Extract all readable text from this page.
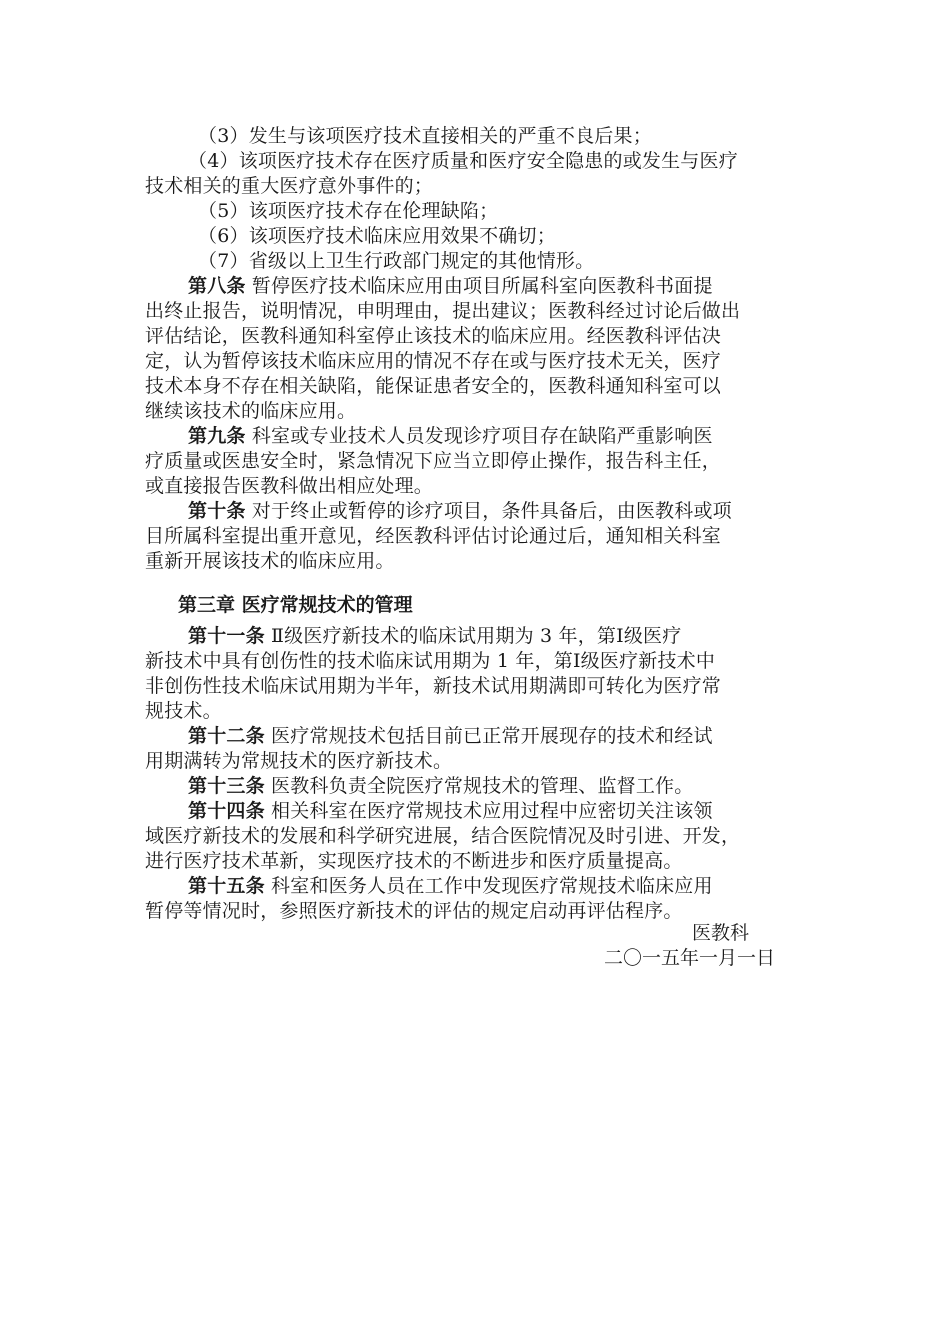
（3）发生与该项医疗技术直接相关的严重不良后果；
（4）该项医疗技术存在医疗质量和医疗安全隐患的或发生与医疗
技术相关的重大医疗意外事件的；
（5）该项医疗技术存在伦理缺陷；
（6）该项医疗技术临床应用效果不确切；
（7）省级以上卫生行政部门规定的其他情形。
第八条 暂停医疗技术临床应用由项目所属科室向医教科书面提
出终止报告，说明情况，申明理由，提出建议；医教科经过讨论后做出
评估结论，医教科通知科室停止该技术的临床应用。经医教科评估决
定，认为暂停该技术临床应用的情况不存在或与医疗技术无关，医疗
技术本身不存在相关缺陷，能保证患者安全的，医教科通知科室可以
继续该技术的临床应用。
第九条 科室或专业技术人员发现诊疗项目存在缺陷严重影响医
疗质量或医患安全时，紧急情况下应当立即停止操作，报告科主任，
或直接报告医教科做出相应处理。
第十条 对于终止或暂停的诊疗项目，条件具备后，由医教科或项
目所属科室提出重开意见，经医教科评估讨论通过后，通知相关科室
重新开展该技术的临床应用。
第三章 医疗常规技术的管理
第十一条 Ⅱ级医疗新技术的临床试用期为 3 年，第Ⅰ级医疗
新技术中具有创伤性的技术临床试用期为 1 年，第Ⅰ级医疗新技术中
非创伤性技术临床试用期为半年，新技术试用期满即可转化为医疗常
规技术。
第十二条 医疗常规技术包括目前已正常开展现存的技术和经试
用期满转为常规技术的医疗新技术。
第十三条 医教科负责全院医疗常规技术的管理、监督工作。
第十四条 相关科室在医疗常规技术应用过程中应密切关注该领
域医疗新技术的发展和科学研究进展，结合医院情况及时引进、开发，
进行医疗技术革新，实现医疗技术的不断进步和医疗质量提高。
第十五条 科室和医务人员在工作中发现医疗常规技术临床应用
暂停等情况时，参照医疗新技术的评估的规定启动再评估程序。
医教科
二〇一五年一月一日
